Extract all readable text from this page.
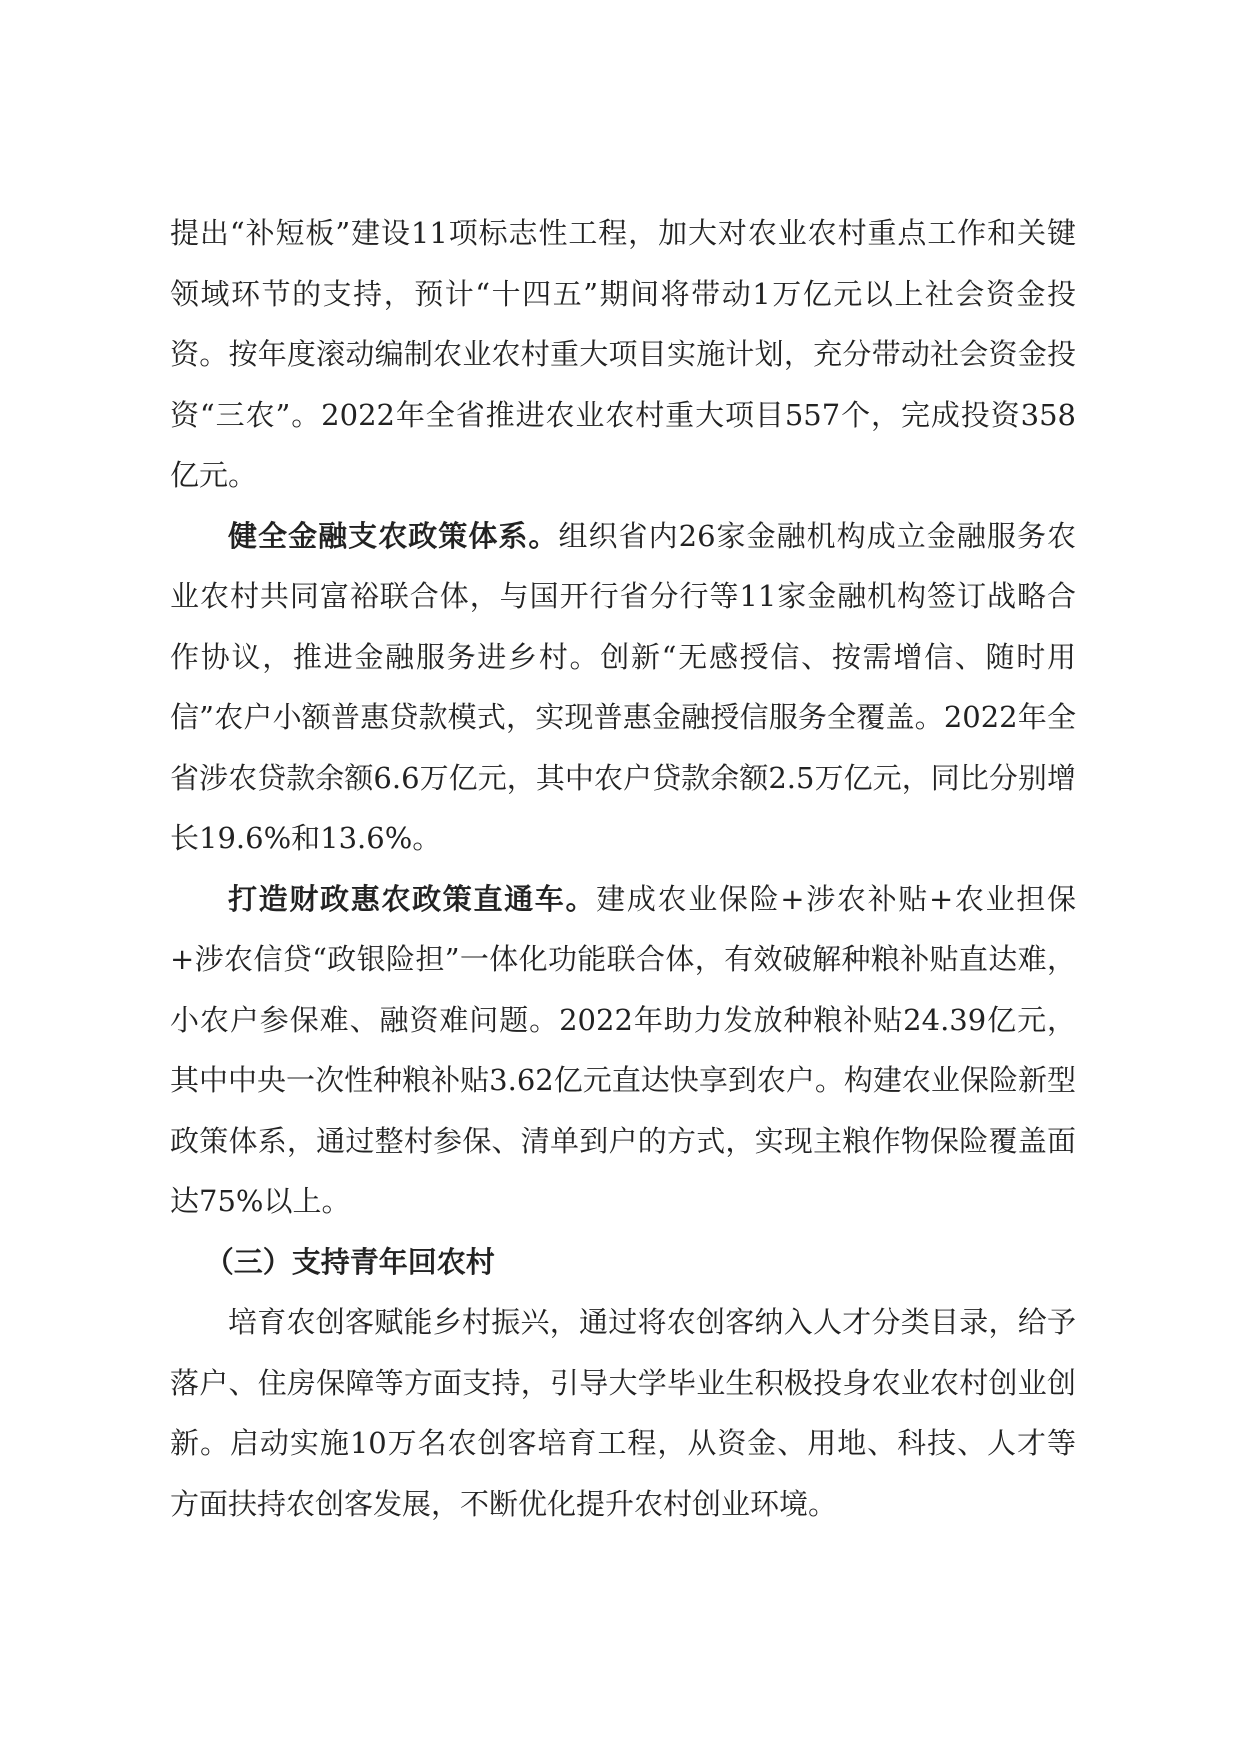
提出“补短板”建设11项标志性工程，加大对农业农村重点工作和关键领域环节的支持，预计“十四五”期间将带动1万亿元以上社会资金投资。按年度滚动编制农业农村重大项目实施计划，充分带动社会资金投资“三农”。2022年全省推进农业农村重大项目557个，完成投资358亿元。

健全金融支农政策体系。组织省内26家金融机构成立金融服务农业农村共同富裕联合体，与国开行省分行等11家金融机构签订战略合作协议，推进金融服务进乡村。创新“无感授信、按需增信、随时用信”农户小额普惠贷款模式，实现普惠金融授信服务全覆盖。2022年全省涉农贷款余额6.6万亿元，其中农户贷款余额2.5万亿元，同比分别增长19.6%和13.6%。

打造财政惠农政策直通车。建成农业保险+涉农补贴+农业担保+涉农信贷“政银险担”一体化功能联合体，有效破解种粮补贴直达难，小农户参保难、融资难问题。2022年助力发放种粮补贴24.39亿元，其中中央一次性种粮补贴3.62亿元直达快享到农户。构建农业保险新型政策体系，通过整村参保、清单到户的方式，实现主粮作物保险覆盖面达75%以上。

（三）支持青年回农村

培育农创客赋能乡村振兴，通过将农创客纳入人才分类目录，给予落户、住房保障等方面支持，引导大学毕业生积极投身农业农村创业创新。启动实施10万名农创客培育工程，从资金、用地、科技、人才等方面扶持农创客发展，不断优化提升农村创业环境。
